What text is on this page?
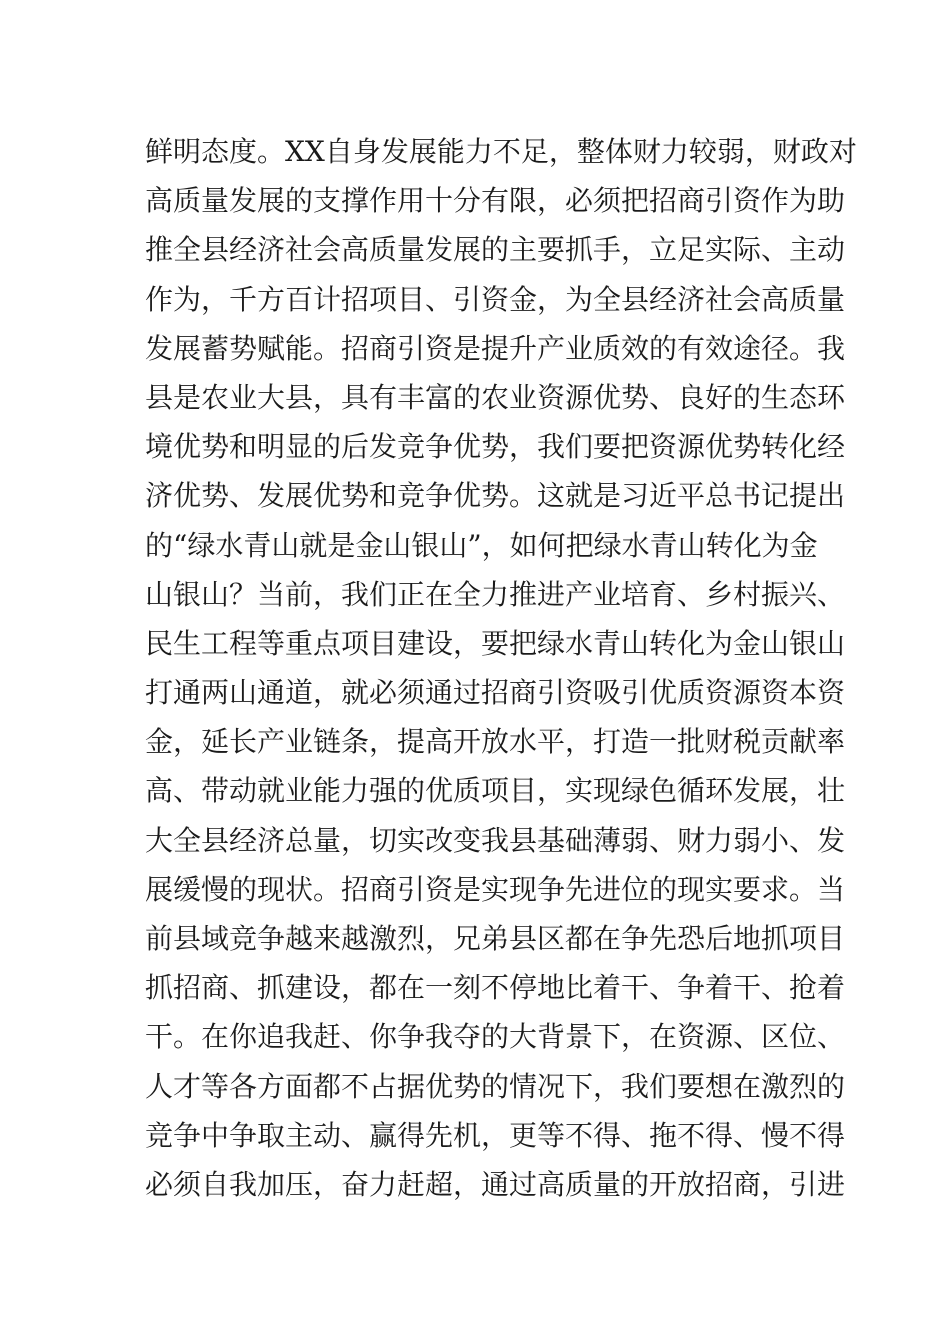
鲜明态度。XX自身发展能力不足，整体财力较弱，财政对
高质量发展的支撑作用十分有限，必须把招商引资作为助
推全县经济社会高质量发展的主要抓手，立足实际、主动
作为，千方百计招项目、引资金，为全县经济社会高质量
发展蓄势赋能。招商引资是提升产业质效的有效途径。我
县是农业大县，具有丰富的农业资源优势、良好的生态环
境优势和明显的后发竞争优势，我们要把资源优势转化经
济优势、发展优势和竞争优势。这就是习近平总书记提出
的“绿水青山就是金山银山”，如何把绿水青山转化为金
山银山？当前，我们正在全力推进产业培育、乡村振兴、
民生工程等重点项目建设，要把绿水青山转化为金山银山
打通两山通道，就必须通过招商引资吸引优质资源资本资
金，延长产业链条，提高开放水平，打造一批财税贡献率
高、带动就业能力强的优质项目，实现绿色循环发展，壮
大全县经济总量，切实改变我县基础薄弱、财力弱小、发
展缓慢的现状。招商引资是实现争先进位的现实要求。当
前县域竞争越来越激烈，兄弟县区都在争先恐后地抓项目
抓招商、抓建设，都在一刻不停地比着干、争着干、抢着
干。在你追我赶、你争我夺的大背景下，在资源、区位、
人才等各方面都不占据优势的情况下，我们要想在激烈的
竞争中争取主动、赢得先机，更等不得、拖不得、慢不得
必须自我加压，奋力赶超，通过高质量的开放招商，引进
